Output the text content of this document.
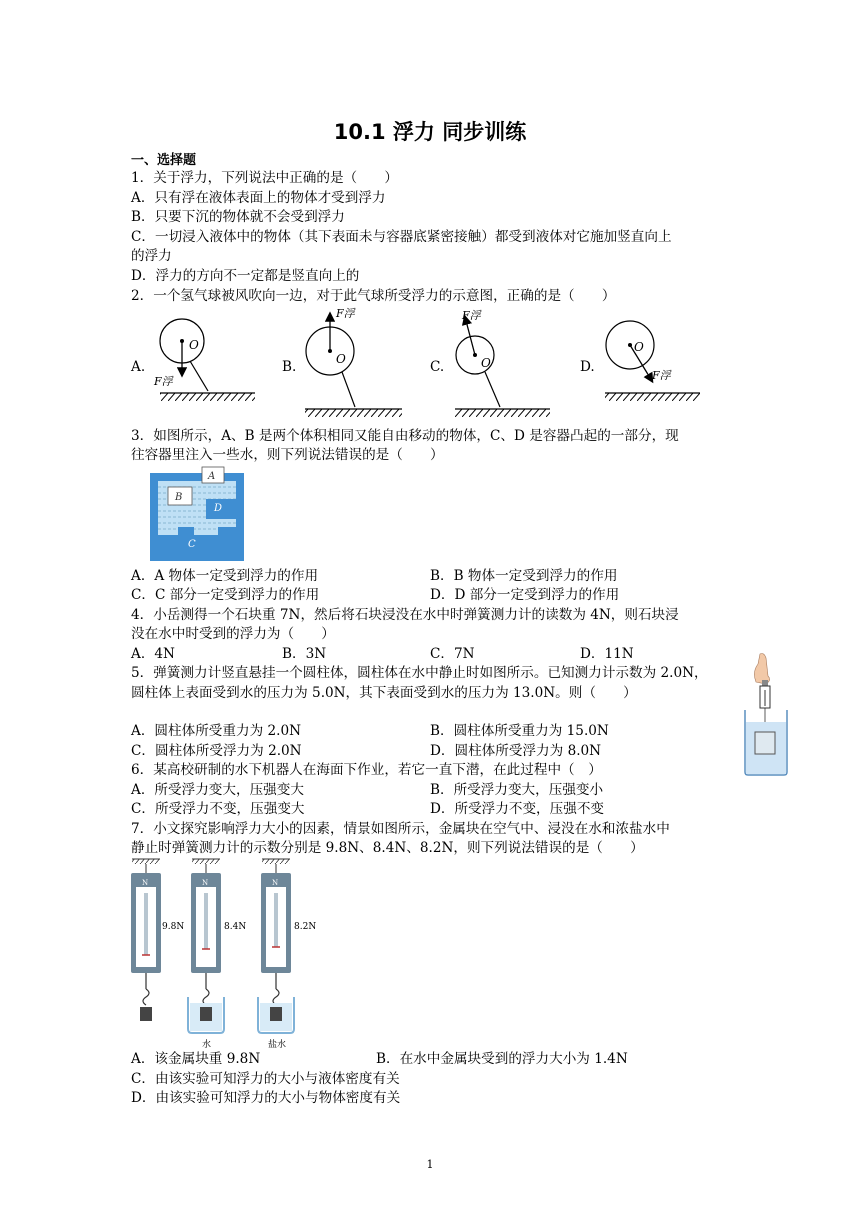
10.1 浮力 同步训练
一、选择题
1．关于浮力，下列说法中正确的是（　　）
A．只有浮在液体表面上的物体才受到浮力
B．只要下沉的物体就不会受到浮力
C．一切浸入液体中的物体（其下表面未与容器底紧密接触）都受到液体对它施加竖直向上
的浮力
D．浮力的方向不一定都是竖直向上的
2．一个氢气球被风吹向一边，对于此气球所受浮力的示意图，正确的是（　　）
A.	B.	C.	D.
O
F浮
O
F浮
O
F浮
O
F浮
3．如图所示，A、B 是两个体积相同又能自由移动的物体，C、D 是容器凸起的一部分，现
往容器里注入一些水，则下列说法错误的是（　　）
A
B
C
D
A．A 物体一定受到浮力的作用	B．B 物体一定受到浮力的作用
C．C 部分一定受到浮力的作用	D．D 部分一定受到浮力的作用
4．小岳测得一个石块重 7N，然后将石块浸没在水中时弹簧测力计的读数为 4N，则石块浸
没在水中时受到的浮力为（　　）
A．4N	B．3N	C．7N	D．11N
5．弹簧测力计竖直悬挂一个圆柱体，圆柱体在水中静止时如图所示。已知测力计示数为 2.0N，
圆柱体上表面受到水的压力为 5.0N，其下表面受到水的压力为 13.0N。则（　　）
A．圆柱体所受重力为 2.0N	B．圆柱体所受重力为 15.0N
C．圆柱体所受浮力为 2.0N	D．圆柱体所受浮力为 8.0N
6．某高校研制的水下机器人在海面下作业，若它一直下潜，在此过程中（　）
A．所受浮力变大，压强变大	B．所受浮力变大，压强变小
C．所受浮力不变，压强变大	D．所受浮力不变，压强不变
7．小文探究影响浮力大小的因素，情景如图所示，金属块在空气中、浸没在水和浓盐水中
静止时弹簧测力计的示数分别是 9.8N、8.4N、8.2N，则下列说法错误的是（　　）
N
9.8N
N
8.4N
水
N
8.2N
盐水
A．该金属块重 9.8N	B．在水中金属块受到的浮力大小为 1.4N
C．由该实验可知浮力的大小与液体密度有关
D．由该实验可知浮力的大小与物体密度有关
1
